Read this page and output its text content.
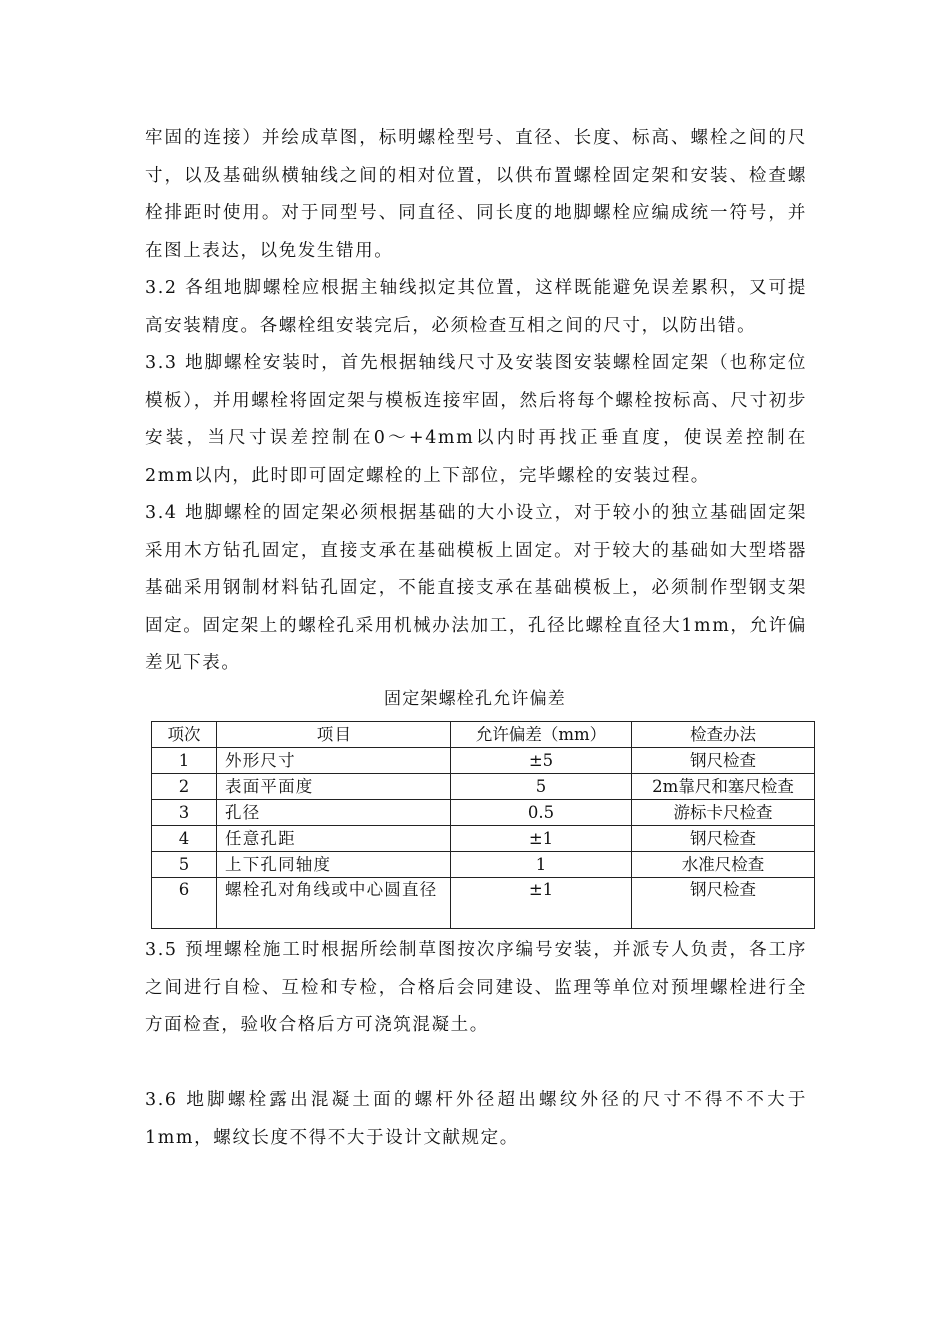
牢固的连接）并绘成草图，标明螺栓型号、直径、长度、标高、螺栓之间的尺寸，以及基础纵横轴线之间的相对位置，以供布置螺栓固定架和安装、检查螺栓排距时使用。对于同型号、同直径、同长度的地脚螺栓应编成统一符号，并在图上表达，以免发生错用。

3.2 各组地脚螺栓应根据主轴线拟定其位置，这样既能避免误差累积，又可提高安装精度。各螺栓组安装完后，必须检查互相之间的尺寸，以防出错。

3.3 地脚螺栓安装时，首先根据轴线尺寸及安装图安装螺栓固定架（也称定位模板），并用螺栓将固定架与模板连接牢固，然后将每个螺栓按标高、尺寸初步安装，当尺寸误差控制在0～+4mm以内时再找正垂直度，使误差控制在2mm以内，此时即可固定螺栓的上下部位，完毕螺栓的安装过程。

3.4 地脚螺栓的固定架必须根据基础的大小设立，对于较小的独立基础固定架采用木方钻孔固定，直接支承在基础模板上固定。对于较大的基础如大型塔器基础采用钢制材料钻孔固定，不能直接支承在基础模板上，必须制作型钢支架固定。固定架上的螺栓孔采用机械办法加工，孔径比螺栓直径大1mm，允许偏差见下表。

固定架螺栓孔允许偏差

项次	项目	允许偏差（mm）	检查办法
1	外形尺寸	±5	钢尺检查
2	表面平面度	5	2m靠尺和塞尺检查
3	孔径	0.5	游标卡尺检查
4	任意孔距	±1	钢尺检查
5	上下孔同轴度	1	水准尺检查
6	螺栓孔对角线或中心圆直径	±1	钢尺检查

3.5 预埋螺栓施工时根据所绘制草图按次序编号安装，并派专人负责，各工序之间进行自检、互检和专检，合格后会同建设、监理等单位对预埋螺栓进行全方面检查，验收合格后方可浇筑混凝土。

3.6 地脚螺栓露出混凝土面的螺杆外径超出螺纹外径的尺寸不得不不大于1mm，螺纹长度不得不大于设计文献规定。
